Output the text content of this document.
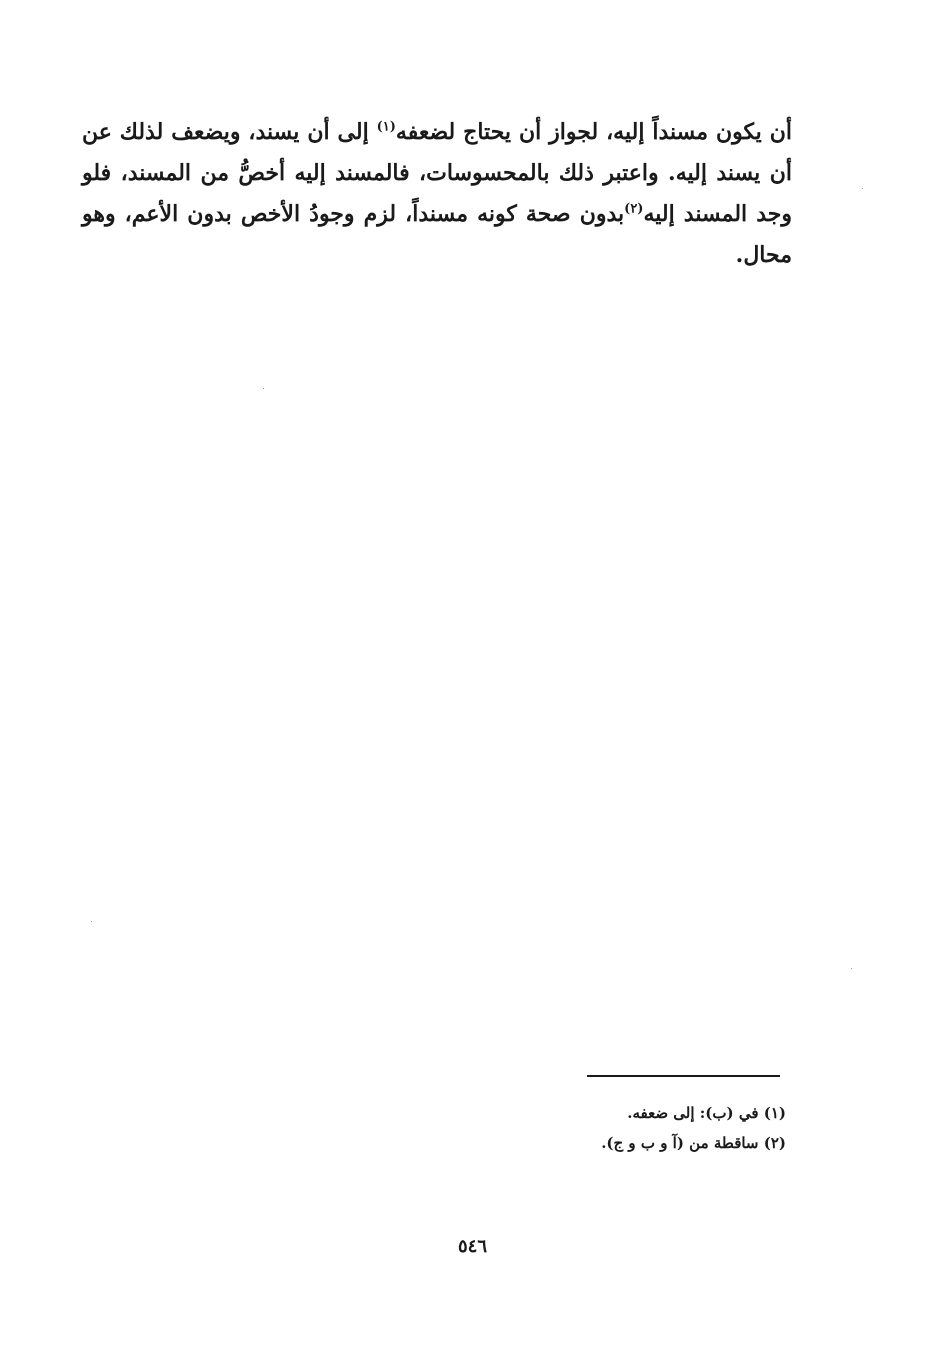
أن يكون مسنداً إليه، لجواز أن يحتاج لضعفه$^{(١)}$ إلى أن يسند، ويضعف لذلك عن أن يسند إليه. واعتبر ذلك بالمحسوسات، فالمسند إليه أخصُّ من المسند، فلو وجد المسند إليه$^{(٢)}$بدون صحة كونه مسنداً، لزم وجودُ الأخص بدون الأعم، وهو محال.

(١) في (ب): إلى ضعفه.

(٢) ساقطة من (آ و ب و ج).

٥٤٦
